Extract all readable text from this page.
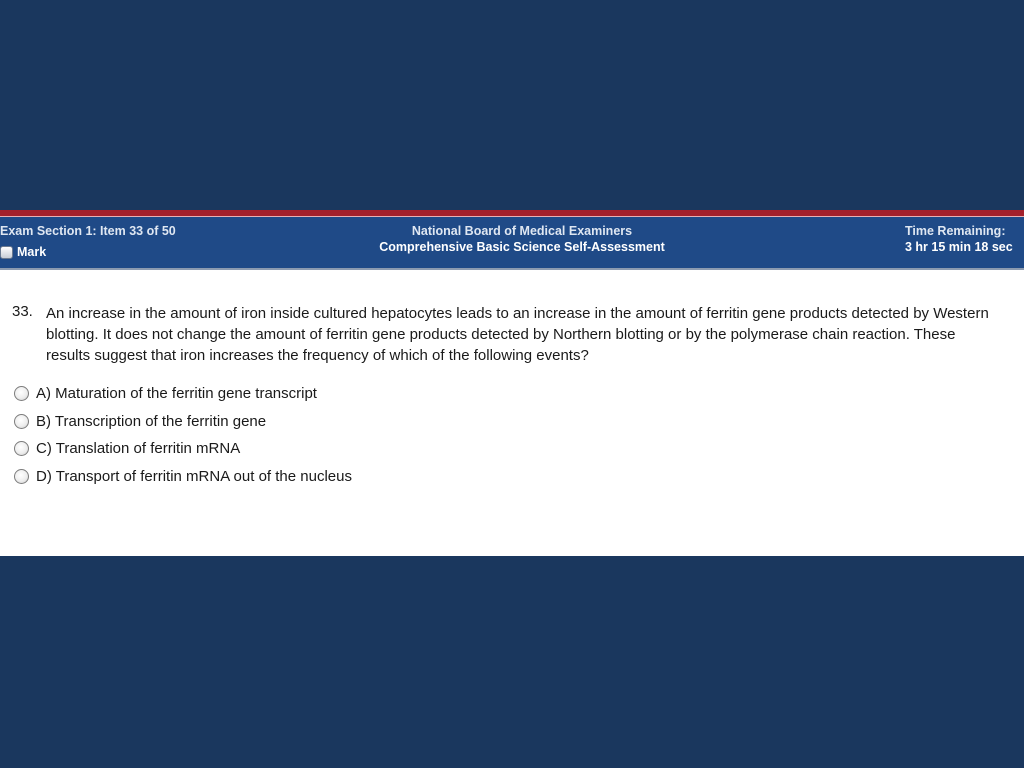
Exam Section 1: Item 33 of 50
Mark
National Board of Medical Examiners
Comprehensive Basic Science Self-Assessment
Time Remaining:
3 hr 15 min 18 sec
33. An increase in the amount of iron inside cultured hepatocytes leads to an increase in the amount of ferritin gene products detected by Western blotting. It does not change the amount of ferritin gene products detected by Northern blotting or by the polymerase chain reaction. These results suggest that iron increases the frequency of which of the following events?
A) Maturation of the ferritin gene transcript
B) Transcription of the ferritin gene
C) Translation of ferritin mRNA
D) Transport of ferritin mRNA out of the nucleus
